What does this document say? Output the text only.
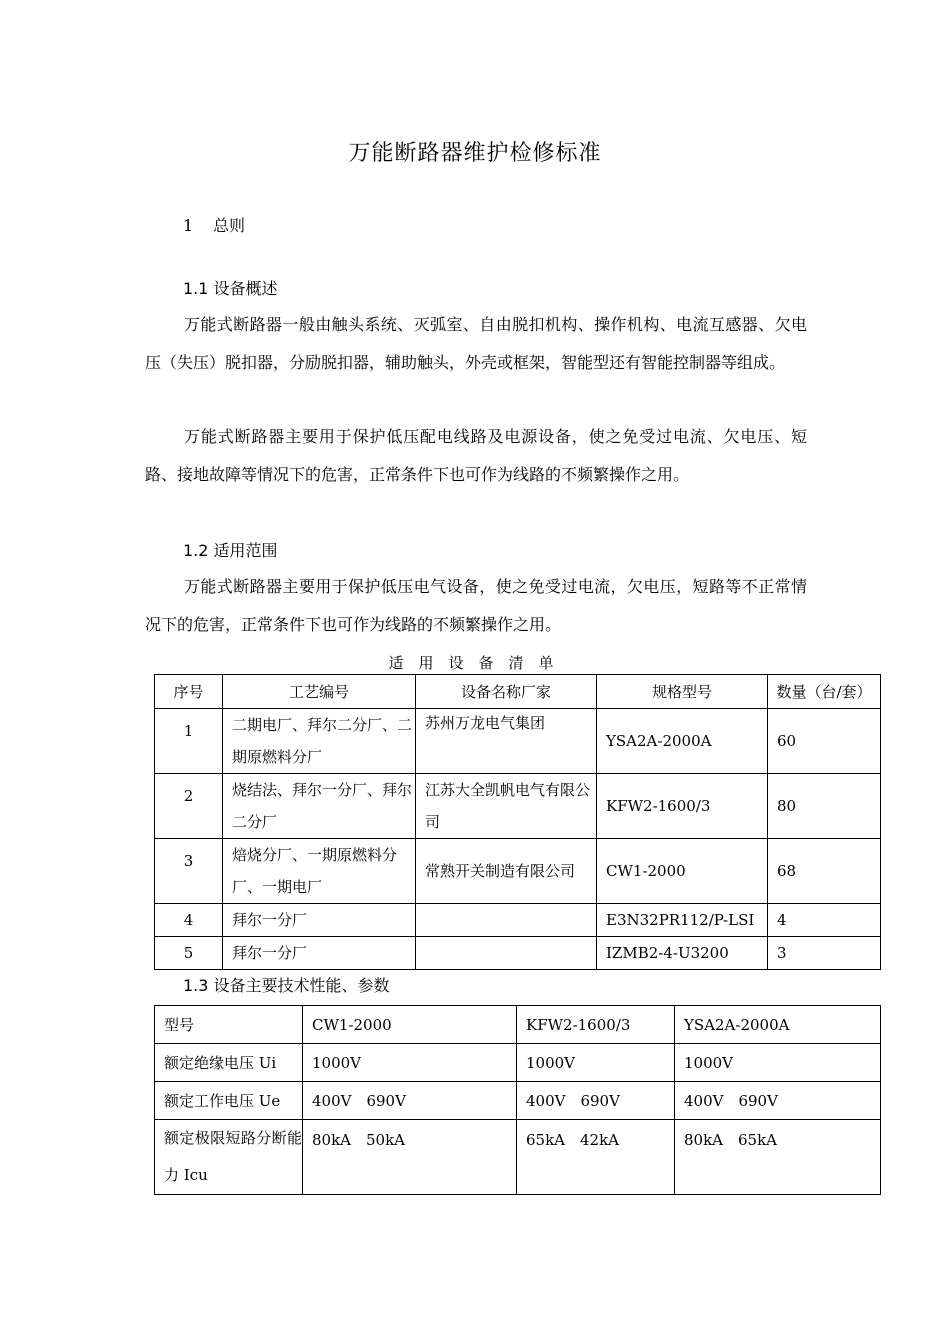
万能断路器维护检修标准
1 总则
1.1 设备概述
万能式断路器一般由触头系统、灭弧室、自由脱扣机构、操作机构、电流互感器、欠电压（失压）脱扣器，分励脱扣器，辅助触头，外壳或框架，智能型还有智能控制器等组成。
万能式断路器主要用于保护低压配电线路及电源设备，使之免受过电流、欠电压、短路、接地故障等情况下的危害，正常条件下也可作为线路的不频繁操作之用。
1.2 适用范围
万能式断路器主要用于保护低压电气设备，使之免受过电流，欠电压，短路等不正常情况下的危害，正常条件下也可作为线路的不频繁操作之用。
适用设备清单
序号	工艺编号	设备名称厂家	规格型号	数量（台/套）
1	二期电厂、拜尔二分厂、二期原燃料分厂	苏州万龙电气集团	YSA2A-2000A	60
2	烧结法、拜尔一分厂、拜尔二分厂	江苏大全凯帆电气有限公司	KFW2-1600/3	80
3	焙烧分厂、一期原燃料分厂、一期电厂	常熟开关制造有限公司	CW1-2000	68
4	拜尔一分厂		E3N32PR112/P-LSI	4
5	拜尔一分厂		IZMB2-4-U3200	3
1.3 设备主要技术性能、参数
型号	CW1-2000	KFW2-1600/3	YSA2A-2000A
额定绝缘电压 Ui	1000V	1000V	1000V
额定工作电压 Ue	400V　690V	400V　690V	400V　690V
额定极限短路分断能力 Icu	80kA　50kA	65kA　42kA	80kA　65kA
